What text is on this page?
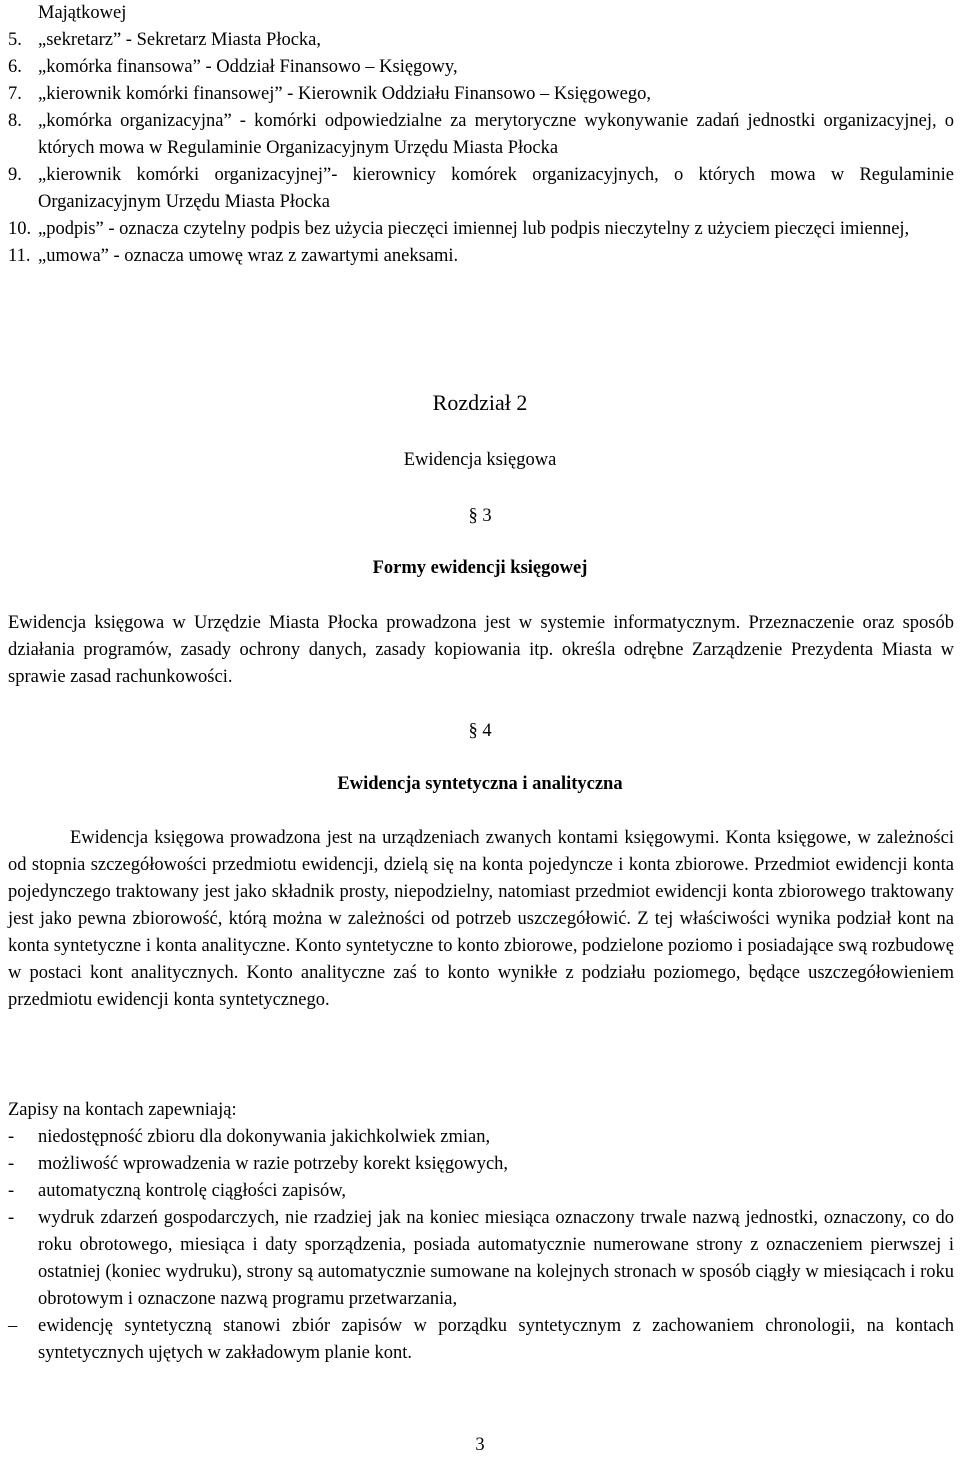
Majątkowej
5. „sekretarz” - Sekretarz Miasta Płocka,
6. „komórka finansowa” - Oddział Finansowo – Księgowy,
7. „kierownik komórki finansowej” - Kierownik Oddziału Finansowo – Księgowego,
8. „komórka organizacyjna” - komórki odpowiedzialne za merytoryczne wykonywanie zadań jednostki organizacyjnej, o których mowa w Regulaminie Organizacyjnym Urzędu Miasta Płocka
9. „kierownik komórki organizacyjnej”- kierownicy komórek organizacyjnych, o których mowa w Regulaminie Organizacyjnym Urzędu Miasta Płocka
10. „podpis” - oznacza czytelny podpis bez użycia pieczęci imiennej lub podpis nieczytelny z użyciem pieczęci imiennej,
11. „umowa” - oznacza umowę wraz z zawartymi aneksami.
Rozdział 2
Ewidencja księgowa
§ 3
Formy ewidencji księgowej
Ewidencja księgowa w Urzędzie Miasta Płocka prowadzona jest w systemie informatycznym. Przeznaczenie oraz sposób działania programów, zasady ochrony danych, zasady kopiowania itp. określa odrębne Zarządzenie Prezydenta Miasta w sprawie zasad rachunkowości.
§ 4
Ewidencja syntetyczna i analityczna
Ewidencja księgowa prowadzona jest na urządzeniach zwanych kontami księgowymi. Konta księgowe, w zależności od stopnia szczegółowości przedmiotu ewidencji, dzielą się na konta pojedyncze i konta zbiorowe. Przedmiot ewidencji konta pojedynczego traktowany jest jako składnik prosty, niepodzielny, natomiast przedmiot ewidencji konta zbiorowego traktowany jest jako pewna zbiorowość, którą można w zależności od potrzeb uszczegółowić. Z tej właściwości wynika podział kont na konta syntetyczne i konta analityczne. Konto syntetyczne to konto zbiorowe, podzielone poziomo i posiadające swą rozbudowę w postaci kont analitycznych. Konto analityczne zaś to konto wynikłe z podziału poziomego, będące uszczegółowieniem przedmiotu ewidencji konta syntetycznego.
Zapisy na kontach zapewniają:
- niedostępność zbioru dla dokonywania jakichkolwiek zmian,
- możliwość wprowadzenia w razie potrzeby korekt księgowych,
- automatyczną kontrolę ciągłości zapisów,
- wydruk zdarzeń gospodarczych, nie rzadziej jak na koniec miesiąca oznaczony trwale nazwą jednostki, oznaczony, co do roku obrotowego, miesiąca i daty sporządzenia, posiada automatycznie numerowane strony z oznaczeniem pierwszej i ostatniej (koniec wydruku), strony są automatycznie sumowane na kolejnych stronach w sposób ciągły w miesiącach i roku obrotowym i oznaczone nazwą programu przetwarzania,
– ewidencję syntetyczną stanowi zbiór zapisów w porządku syntetycznym z zachowaniem chronologii, na kontach syntetycznych ujętych w zakładowym planie kont.
3
